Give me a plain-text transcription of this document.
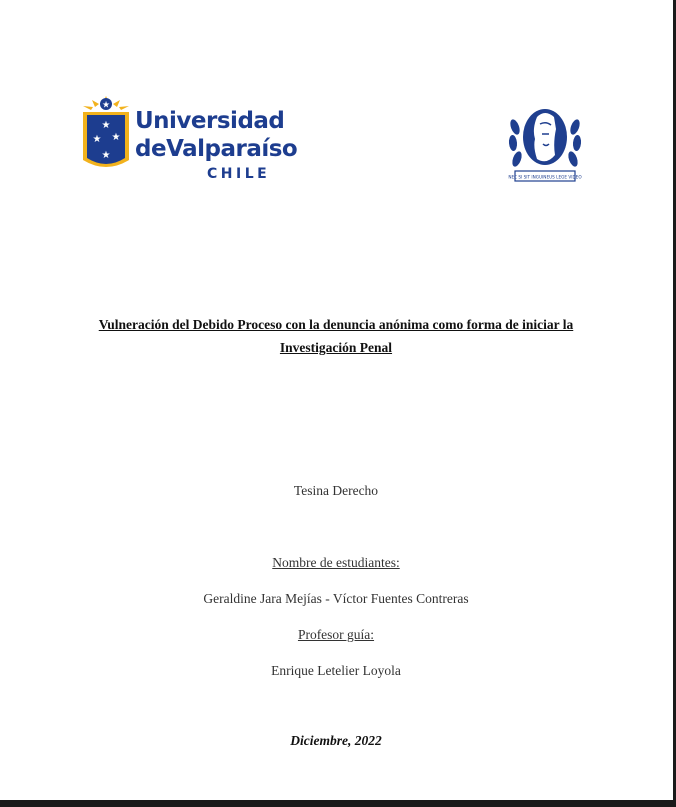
★
★
★ ★
★
Universidad
deValparaíso
CHILE	NEC SI SIT INGUINEUS LEGE VIDEO
Vulneración del Debido Proceso con la denuncia anónima como forma de iniciar la
Investigación Penal
Tesina Derecho
Nombre de estudiantes:
Geraldine Jara Mejías - Víctor Fuentes Contreras
Profesor guía:
Enrique Letelier Loyola
Diciembre, 2022
